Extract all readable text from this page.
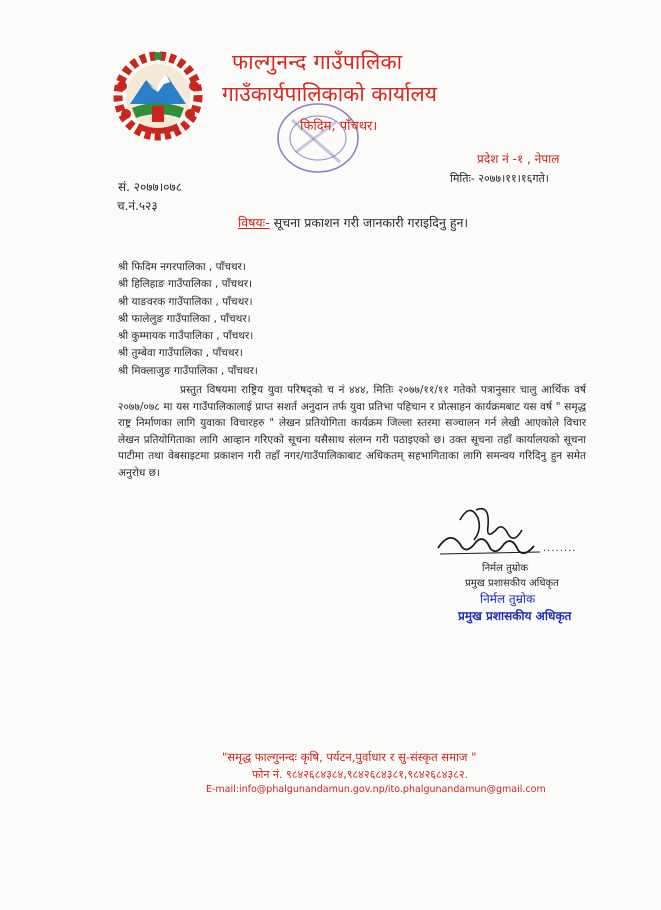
फाल्गुनन्द गाउँपालिका
गाउँकार्यपालिकाको कार्यालय
फिदिम, पाँचथर।
प्रदेश नं -१ , नेपाल
मितिः- २०७७।११।१६गते।
सं. २०७७।०७८
च.नं.५२३
विषयः- सूचना प्रकाशन गरी जानकारी गराइदिनु हुन।
श्री फिदिम नगरपालिका , पाँचथर।
श्री हिलिहाङ गाउँपालिका , पाँचथर।
श्री याङवरक गाउँपालिका , पाँचथर।
श्री फालेलुङ गाउँपालिका , पाँचथर।
श्री कुम्मायक गाउँपालिका , पाँचथर।
श्री तुम्बेवा गाउँपालिका , पाँचथर।
श्री मिक्लाजुङ गाउँपालिका , पाँचथर।
प्रस्तुत विषयमा राष्ट्रिय युवा परिषद्को च नं ४४४, मितिः २०७७/११/११ गतेको पत्रानुसार चालु आर्थिक वर्ष २०७७/०७८ मा यस गाउँपालिकालाई प्राप्त सशर्त अनुदान तर्फ युवा प्रतिभा पहिचान र प्रोत्साहन कार्यक्रमबाट यस वर्ष " समृद्ध राष्ट्र निर्माणका लागि युवाका विचारहरु " लेखन प्रतियोगिता कार्यक्रम जिल्ला स्तरमा सञ्चालन गर्न लेखी आएकोले विचार लेखन प्रतियोगिताका लागि आव्हान गरिएको सूचना यसैसाथ संलग्न गरी पठाइएको छ। उक्त सूचना तहाँ कार्यालयको सूचना पाटीमा तथा वेबसाइटमा प्रकाशन गरी तहाँ नगर/गाउँपालिकाबाट अधिकतम् सहभागिताका लागि समन्वय गरिदिनु हुन समेत अनुरोध छ।
........
निर्मल तुम्रोक
प्रमुख प्रशासकीय अधिकृत
निर्मल तुम्रोक
प्रमुख प्रशासकीय अधिकृत
"समृद्ध फाल्गुनन्दः कृषि, पर्यटन,पुर्वाधार र सु-संस्कृत समाज "
फोन नं. ९८४२६८४३८४,९८४२६८४३८१,९८४२६८४३८२.
E-mail:info@phalgunandamun.gov.np/ito.phalgunandamun@gmail.com
